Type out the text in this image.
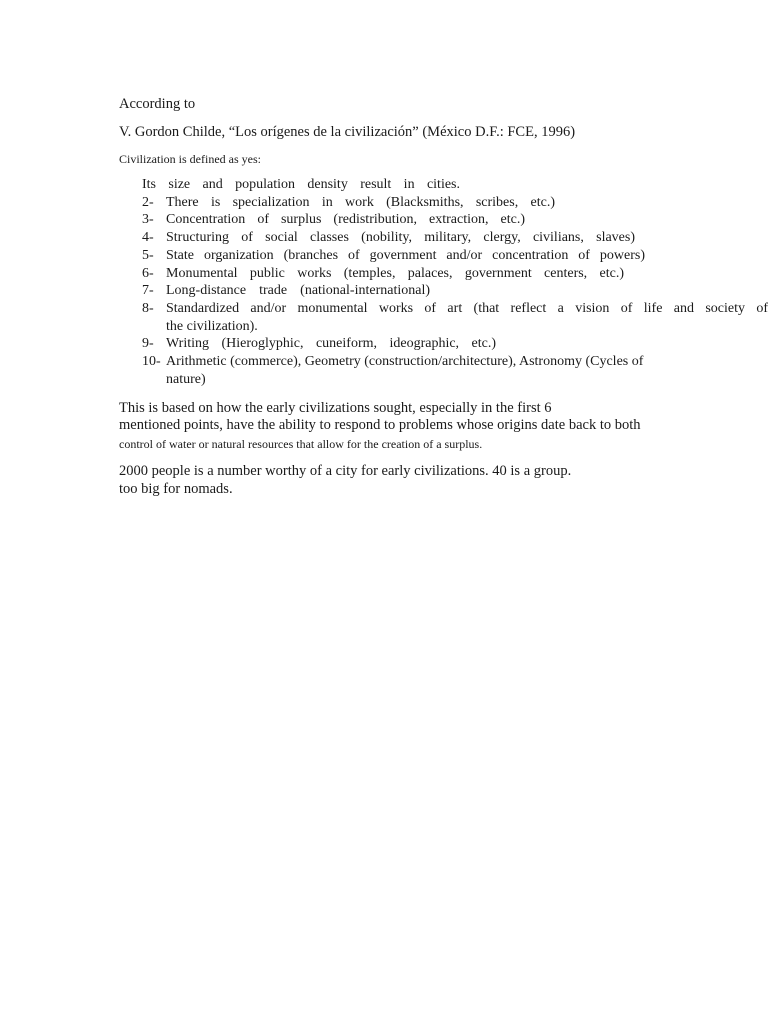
According to
V. Gordon Childe, “Los orígenes de la civilización” (México D.F.: FCE, 1996)
Civilization is defined as yes:
Its size and population density result in cities.
2- There is specialization in work (Blacksmiths, scribes, etc.)
3- Concentration of surplus (redistribution, extraction, etc.)
4- Structuring of social classes (nobility, military, clergy, civilians, slaves)
5- State organization (branches of government and/or concentration of powers)
6- Monumental public works (temples, palaces, government centers, etc.)
7- Long-distance trade (national-international)
8- Standardized and/or monumental works of art (that reflect a vision of life and society of
the civilization).
9- Writing (Hieroglyphic, cuneiform, ideographic, etc.)
10- Arithmetic (commerce), Geometry (construction/architecture), Astronomy (Cycles of
nature)
This is based on how the early civilizations sought, especially in the first 6
mentioned points, have the ability to respond to problems whose origins date back to both
control of water or natural resources that allow for the creation of a surplus.
2000 people is a number worthy of a city for early civilizations. 40 is a group.
too big for nomads.
